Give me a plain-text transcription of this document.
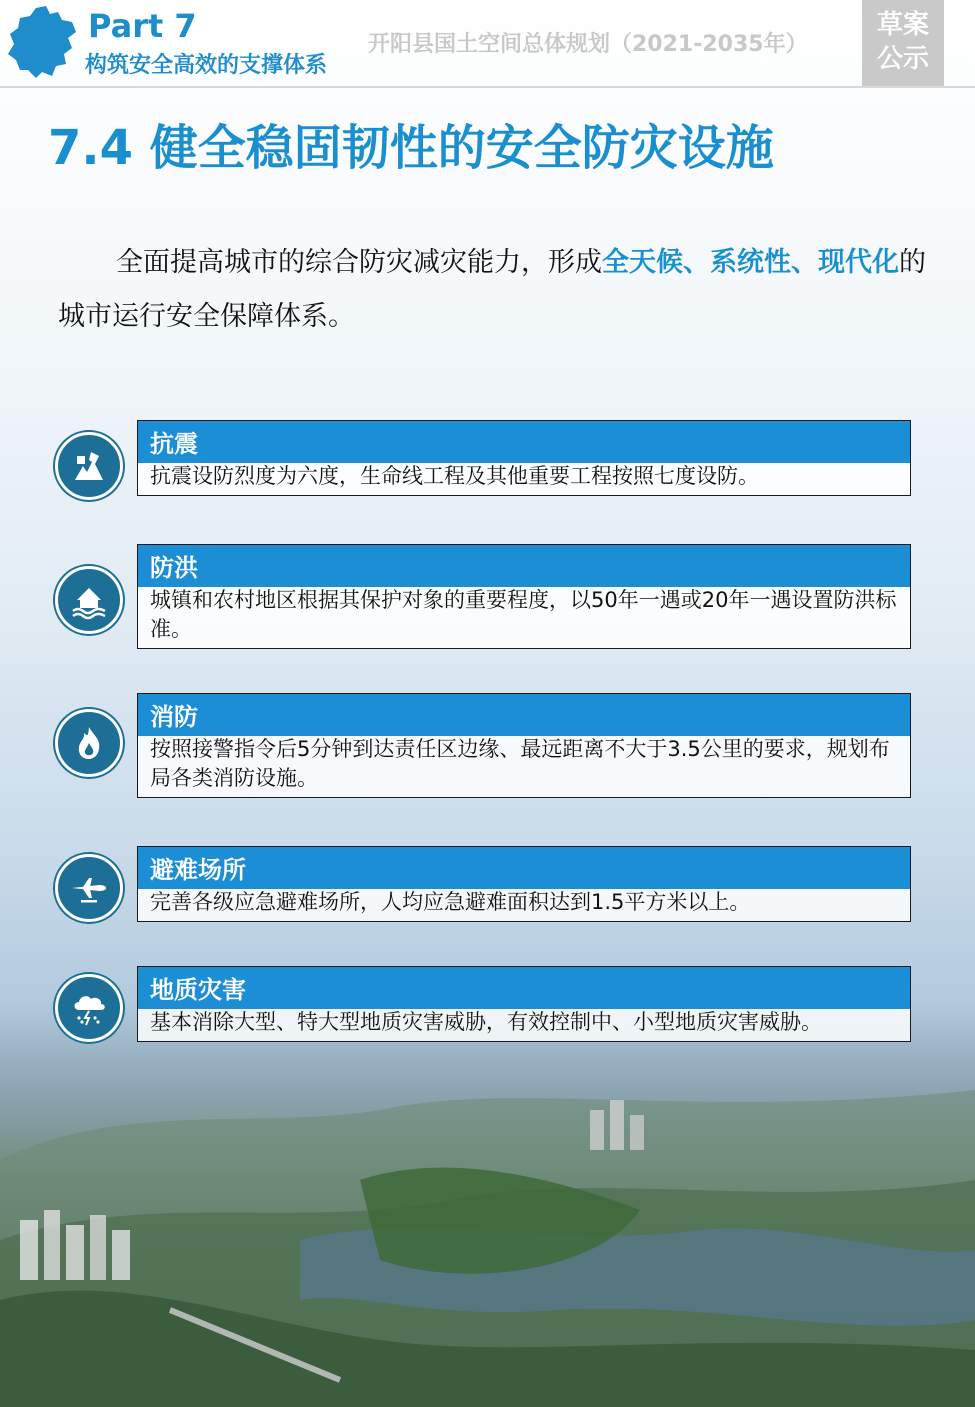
Part 7
构筑安全高效的支撑体系
开阳县国土空间总体规划（2021-2035年）
草案
公示
7.4 健全稳固韧性的安全防灾设施
全面提高城市的综合防灾减灾能力，形成全天候、系统性、现代化的城市运行安全保障体系。
抗震
抗震设防烈度为六度，生命线工程及其他重要工程按照七度设防。
防洪
城镇和农村地区根据其保护对象的重要程度，以50年一遇或20年一遇设置防洪标准。
消防
按照接警指令后5分钟到达责任区边缘、最远距离不大于3.5公里的要求，规划布局各类消防设施。
避难场所
完善各级应急避难场所，人均应急避难面积达到1.5平方米以上。
地质灾害
基本消除大型、特大型地质灾害威胁，有效控制中、小型地质灾害威胁。
